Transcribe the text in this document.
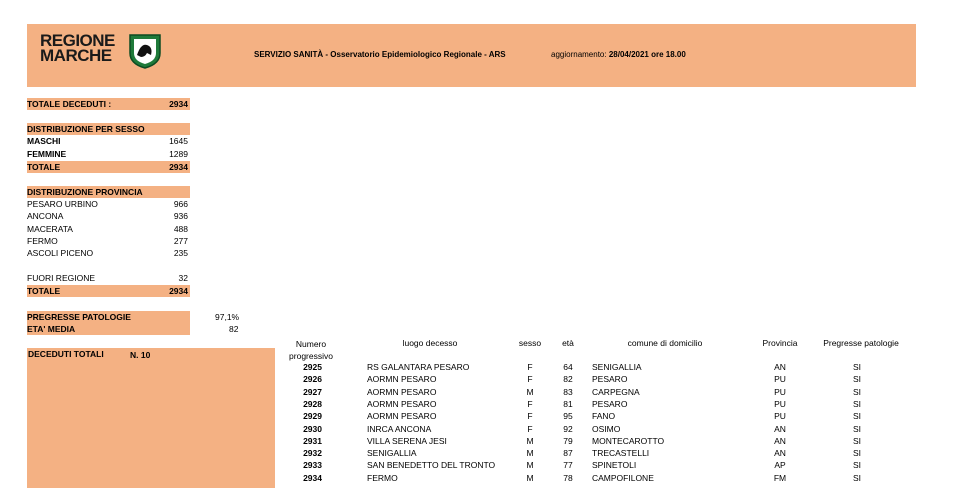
REGIONE
MARCHE	SERVIZIO SANITÀ - Osservatorio Epidemiologico Regionale - ARS	aggiornamento: 28/04/2021 ore 18.00
TOTALE DECEDUTI :	2934
DISTRIBUZIONE PER SESSO
MASCHI	1645
FEMMINE	1289
TOTALE	2934
DISTRIBUZIONE PROVINCIA
PESARO URBINO	966
ANCONA	936
MACERATA	488
FERMO	277
ASCOLI PICENO	235
FUORI REGIONE	32
TOTALE	2934
PREGRESSE PATOLOGIE	97,1%
ETA' MEDIA	82
DECEDUTI TOTALI	N. 10
Numero progressivo
luogo decesso	sesso	età	comune di domicilio	Provincia	Pregresse patologie
2925	RS GALANTARA PESARO	F	64	SENIGALLIA	AN	SI
2926	AORMN PESARO	F	82	PESARO	PU	SI
2927	AORMN PESARO	M	83	CARPEGNA	PU	SI
2928	AORMN PESARO	F	81	PESARO	PU	SI
2929	AORMN PESARO	F	95	FANO	PU	SI
2930	INRCA ANCONA	F	92	OSIMO	AN	SI
2931	VILLA SERENA JESI	M	79	MONTECAROTTO	AN	SI
2932	SENIGALLIA	M	87	TRECASTELLI	AN	SI
2933	SAN BENEDETTO DEL TRONTO	M	77	SPINETOLI	AP	SI
2934	FERMO	M	78	CAMPOFILONE	FM	SI
